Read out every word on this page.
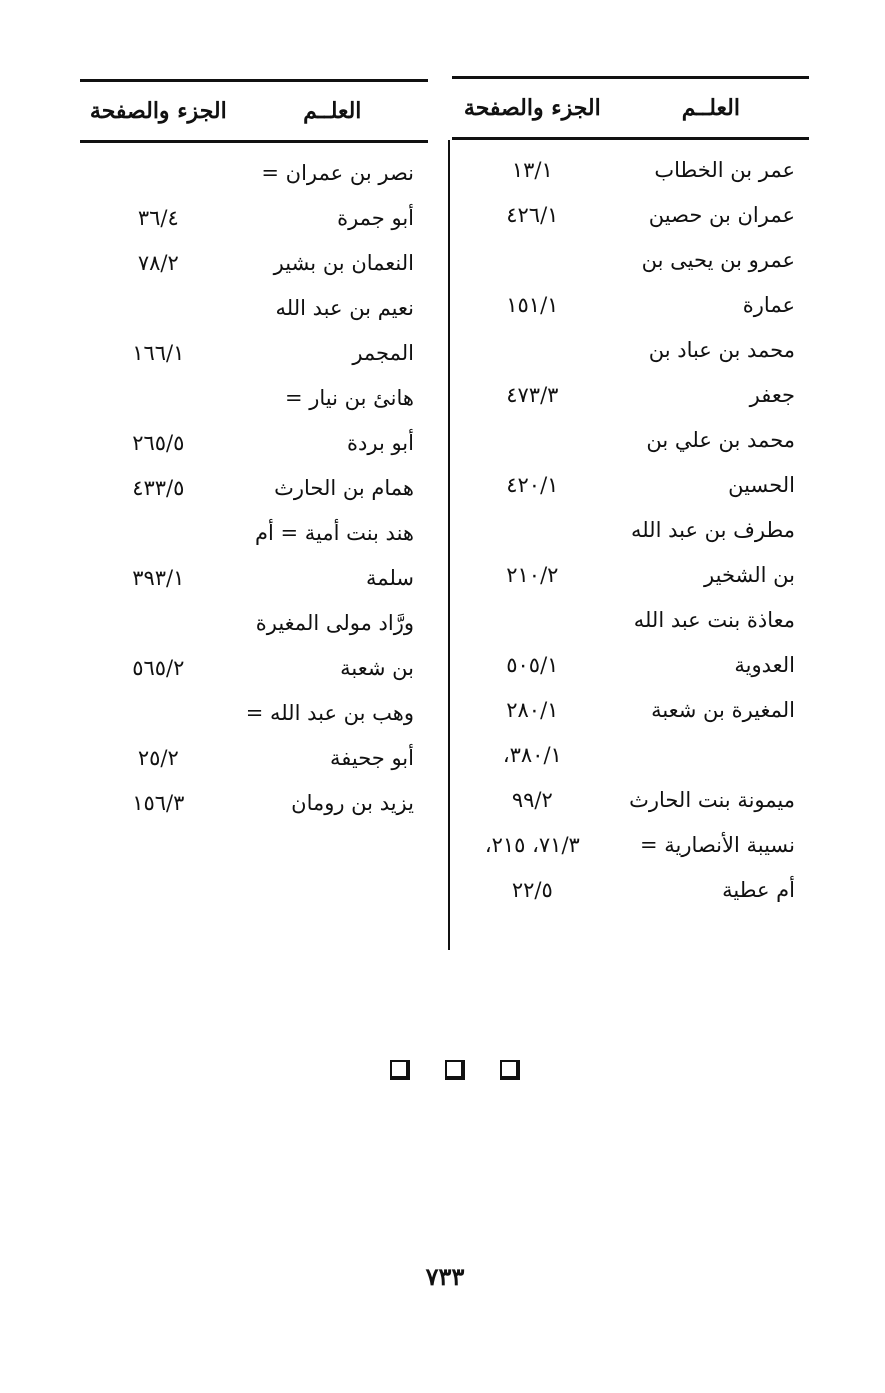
العلــم
الجزء والصفحة
عمر بن الخطاب
١٣/١
عمران بن حصين
٤٢٦/١
عمرو بن يحيى بن
عمارة
١٥١/١
محمد بن عباد بن
جعفر
٤٧٣/٣
محمد بن علي بن
الحسين
٤٢٠/١
مطرف بن عبد الله
بن الشخير
٢١٠/٢
معاذة بنت عبد الله
العدوية
٥٠٥/١
المغيرة بن شعبة
٢٨٠/١
ميمونة بنت الحارث
٣٨٠/١،
٩٩/٢
نسيبة الأنصارية =
أم عطية
٧١/٣، ٢١٥،
٢٢/٥
العلــم
الجزء والصفحة
نصر بن عمران =
أبو جمرة
٣٦/٤
النعمان بن بشير
٧٨/٢
نعيم بن عبد الله
المجمر
١٦٦/١
هانئ بن نيار =
أبو بردة
٢٦٥/٥
همام بن الحارث
٤٣٣/٥
هند بنت أمية = أم
سلمة
٣٩٣/١
ورَّاد مولى المغيرة
بن شعبة
٥٦٥/٢
وهب بن عبد الله =
أبو جحيفة
٢٥/٢
يزيد بن رومان
١٥٦/٣
٧٣٣
